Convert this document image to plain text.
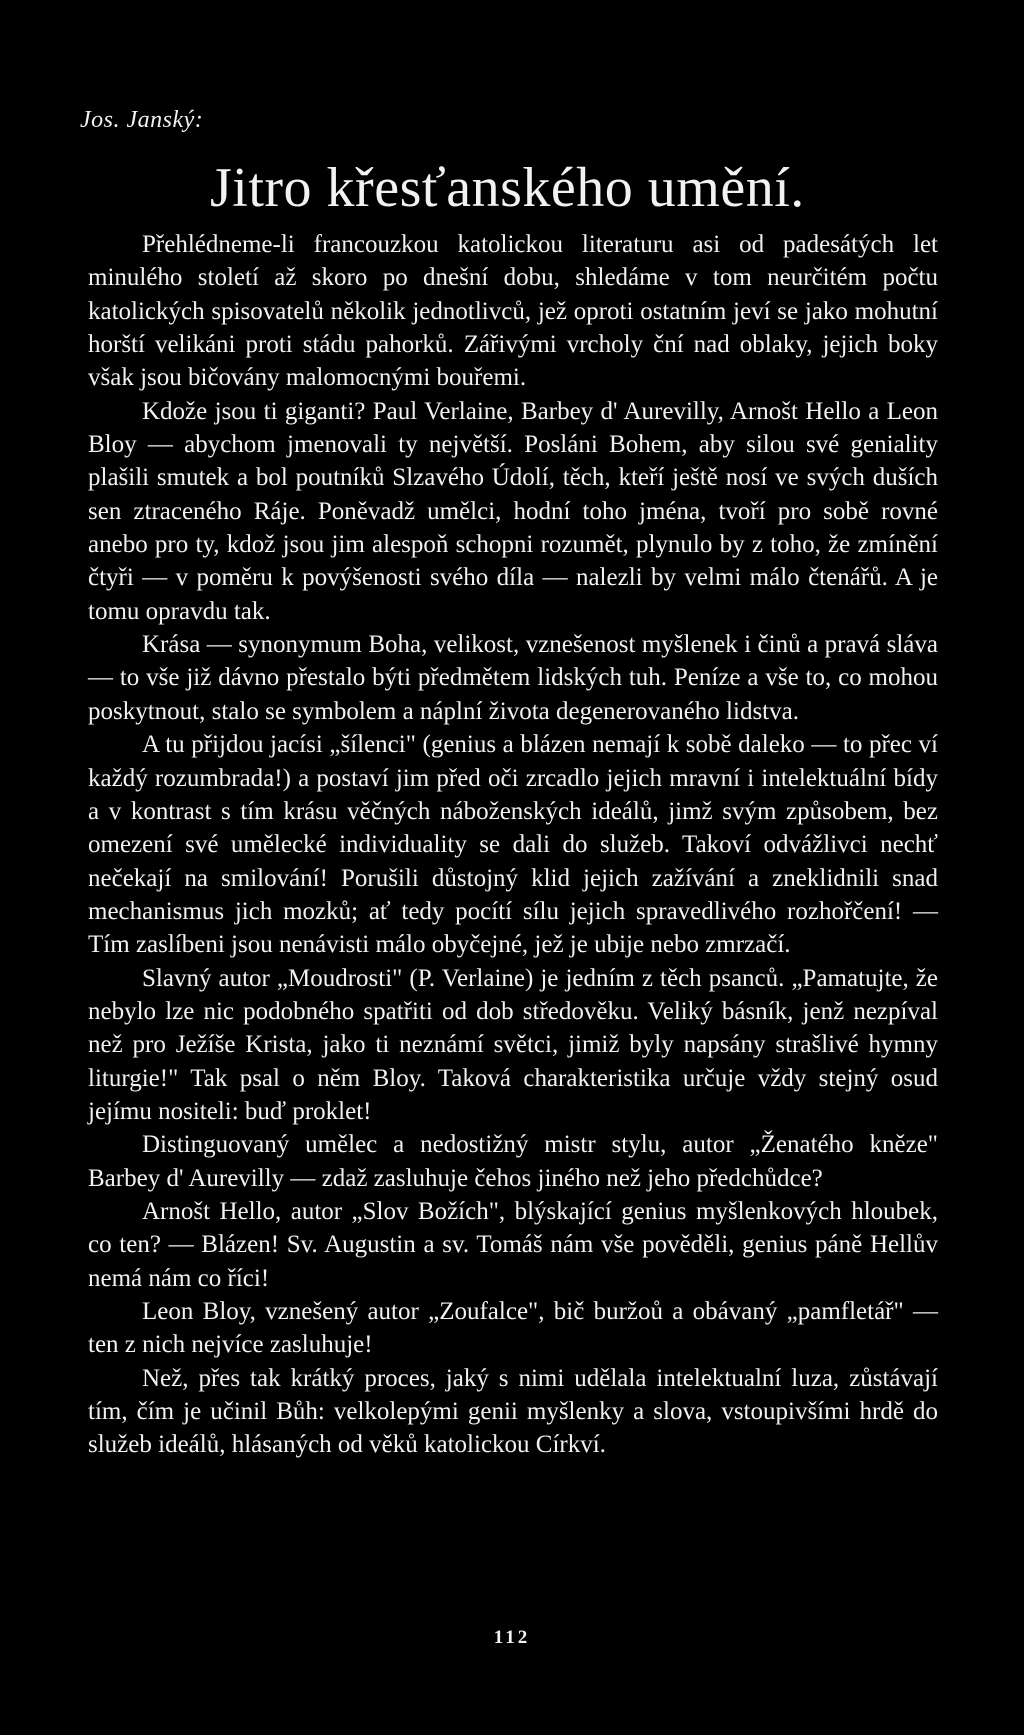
Jos. Janský:
Jitro křesťanského umění.

Přehlédneme-li francouzkou katolickou literaturu asi od padesátých let minulého století až skoro po dnešní dobu, shledáme v tom neurčitém počtu katolických spisovatelů několik jednotlivců, jež oproti ostatním jeví se jako mohutní horští velikáni proti stádu pahorků. Zářivými vrcholy ční nad oblaky, jejich boky však jsou bičovány malomocnými bouřemi.

Kdože jsou ti giganti? Paul Verlaine, Barbey d' Aurevilly, Arnošt Hello a Leon Bloy — abychom jmenovali ty největší. Posláni Bohem, aby silou své geniality plašili smutek a bol poutníků Slzavého Údolí, těch, kteří ještě nosí ve svých duších sen ztraceného Ráje. Poněvadž umělci, hodní toho jména, tvoří pro sobě rovné anebo pro ty, kdož jsou jim alespoň schopni rozumět, plynulo by z toho, že zmínění čtyři — v poměru k povýšenosti svého díla — nalezli by velmi málo čtenářů. A je tomu opravdu tak.

Krása — synonymum Boha, velikost, vznešenost myšlenek i činů a pravá sláva — to vše již dávno přestalo býti předmětem lidských tuh. Peníze a vše to, co mohou poskytnout, stalo se symbolem a náplní života degenerovaného lidstva.

A tu přijdou jacísi „šílenci" (genius a blázen nemají k sobě daleko — to přec ví každý rozumbrada!) a postaví jim před oči zrcadlo jejich mravní i intelektuální bídy a v kontrast s tím krásu věčných náboženských ideálů, jimž svým způsobem, bez omezení své umělecké individuality se dali do služeb. Takoví odvážlivci nechť nečekají na smilování! Porušili důstojný klid jejich zažívání a zneklidnili snad mechanismus jich mozků; ať tedy pocítí sílu jejich spravedlivého rozhořčení! — Tím zaslíbeni jsou nenávisti málo obyčejné, jež je ubije nebo zmrzačí.

Slavný autor „Moudrosti" (P. Verlaine) je jedním z těch psanců. „Pamatujte, že nebylo lze nic podobného spatřiti od dob středověku. Veliký básník, jenž nezpíval než pro Ježíše Krista, jako ti neznámí světci, jimiž byly napsány strašlivé hymny liturgie!" Tak psal o něm Bloy. Taková charakteristika určuje vždy stejný osud jejímu nositeli: buď proklet!

Distinguovaný umělec a nedostižný mistr stylu, autor „Ženatého kněze" Barbey d' Aurevilly — zdaž zasluhuje čehos jiného než jeho předchůdce?

Arnošt Hello, autor „Slov Božích", blýskající genius myšlenkových hloubek, co ten? — Blázen! Sv. Augustin a sv. Tomáš nám vše pověděli, genius páně Hellův nemá nám co říci!

Leon Bloy, vznešený autor „Zoufalce", bič buržoů a obávaný „pamfletář" — ten z nich nejvíce zasluhuje!

Než, přes tak krátký proces, jaký s nimi udělala intelektualní luza, zůstávají tím, čím je učinil Bůh: velkolepými genii myšlenky a slova, vstoupivšími hrdě do služeb ideálů, hlásaných od věků katolickou Církví.

112
